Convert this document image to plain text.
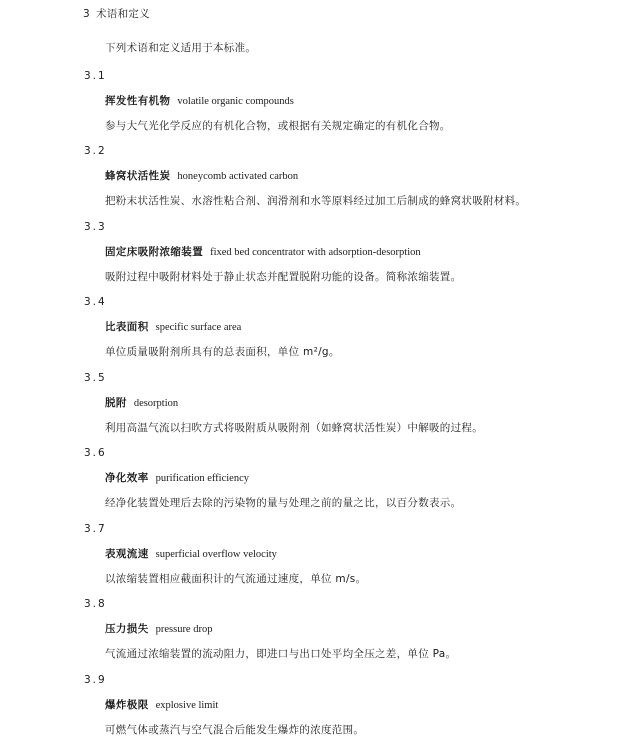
3 术语和定义
下列术语和定义适用于本标准。
3.1
挥发性有机物 volatile organic compounds
参与大气光化学反应的有机化合物，或根据有关规定确定的有机化合物。
3.2
蜂窝状活性炭 honeycomb activated carbon
把粉末状活性炭、水溶性粘合剂、润滑剂和水等原料经过加工后制成的蜂窝状吸附材料。
3.3
固定床吸附浓缩装置 fixed bed concentrator with adsorption-desorption
吸附过程中吸附材料处于静止状态并配置脱附功能的设备。简称浓缩装置。
3.4
比表面积 specific surface area
单位质量吸附剂所具有的总表面积，单位 m²/g。
3.5
脱附 desorption
利用高温气流以扫吹方式将吸附质从吸附剂（如蜂窝状活性炭）中解吸的过程。
3.6
净化效率 purification efficiency
经净化装置处理后去除的污染物的量与处理之前的量之比，以百分数表示。
3.7
表观流速 superficial overflow velocity
以浓缩装置相应截面积计的气流通过速度，单位 m/s。
3.8
压力损失 pressure drop
气流通过浓缩装置的流动阻力，即进口与出口处平均全压之差，单位 Pa。
3.9
爆炸极限 explosive limit
可燃气体或蒸汽与空气混合后能发生爆炸的浓度范围。
